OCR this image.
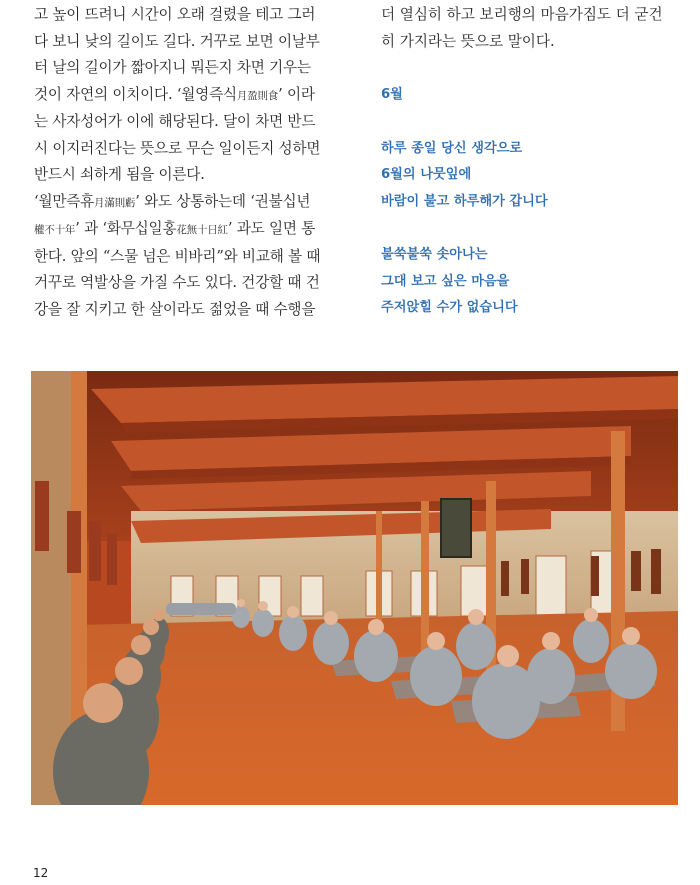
고 높이 뜨려니 시간이 오래 걸렸을 테고 그러

다 보니 낮의 길이도 길다. 거꾸로 보면 이날부

터 날의 길이가 짧아지니 뭐든지 차면 기우는

것이 자연의 이치이다. ‘월영즉식月盈則食’ 이라

는 사자성어가 이에 해당된다. 달이 차면 반드

시 이지러진다는 뜻으로 무슨 일이든지 성하면

반드시 쇠하게 됨을 이른다.

‘월만즉휴月滿則虧’ 와도 상통하는데 ‘권불십년

權不十年’ 과 ‘화무십일홍花無十日紅’ 과도 일면 통

한다. 앞의 “스물 넘은 비바리”와 비교해 볼 때

거꾸로 역발상을 가질 수도 있다. 건강할 때 건

강을 잘 지키고 한 살이라도 젊었을 때 수행을

더 열심히 하고 보리행의 마음가짐도 더 굳건

히 가지라는 뜻으로 말이다.

6월

하루 종일 당신 생각으로

6월의 나뭇잎에

바람이 불고 하루해가 갑니다

불쑥불쑥 솟아나는

그대 보고 싶은 마음을

주저앉힐 수가 없습니다

12
